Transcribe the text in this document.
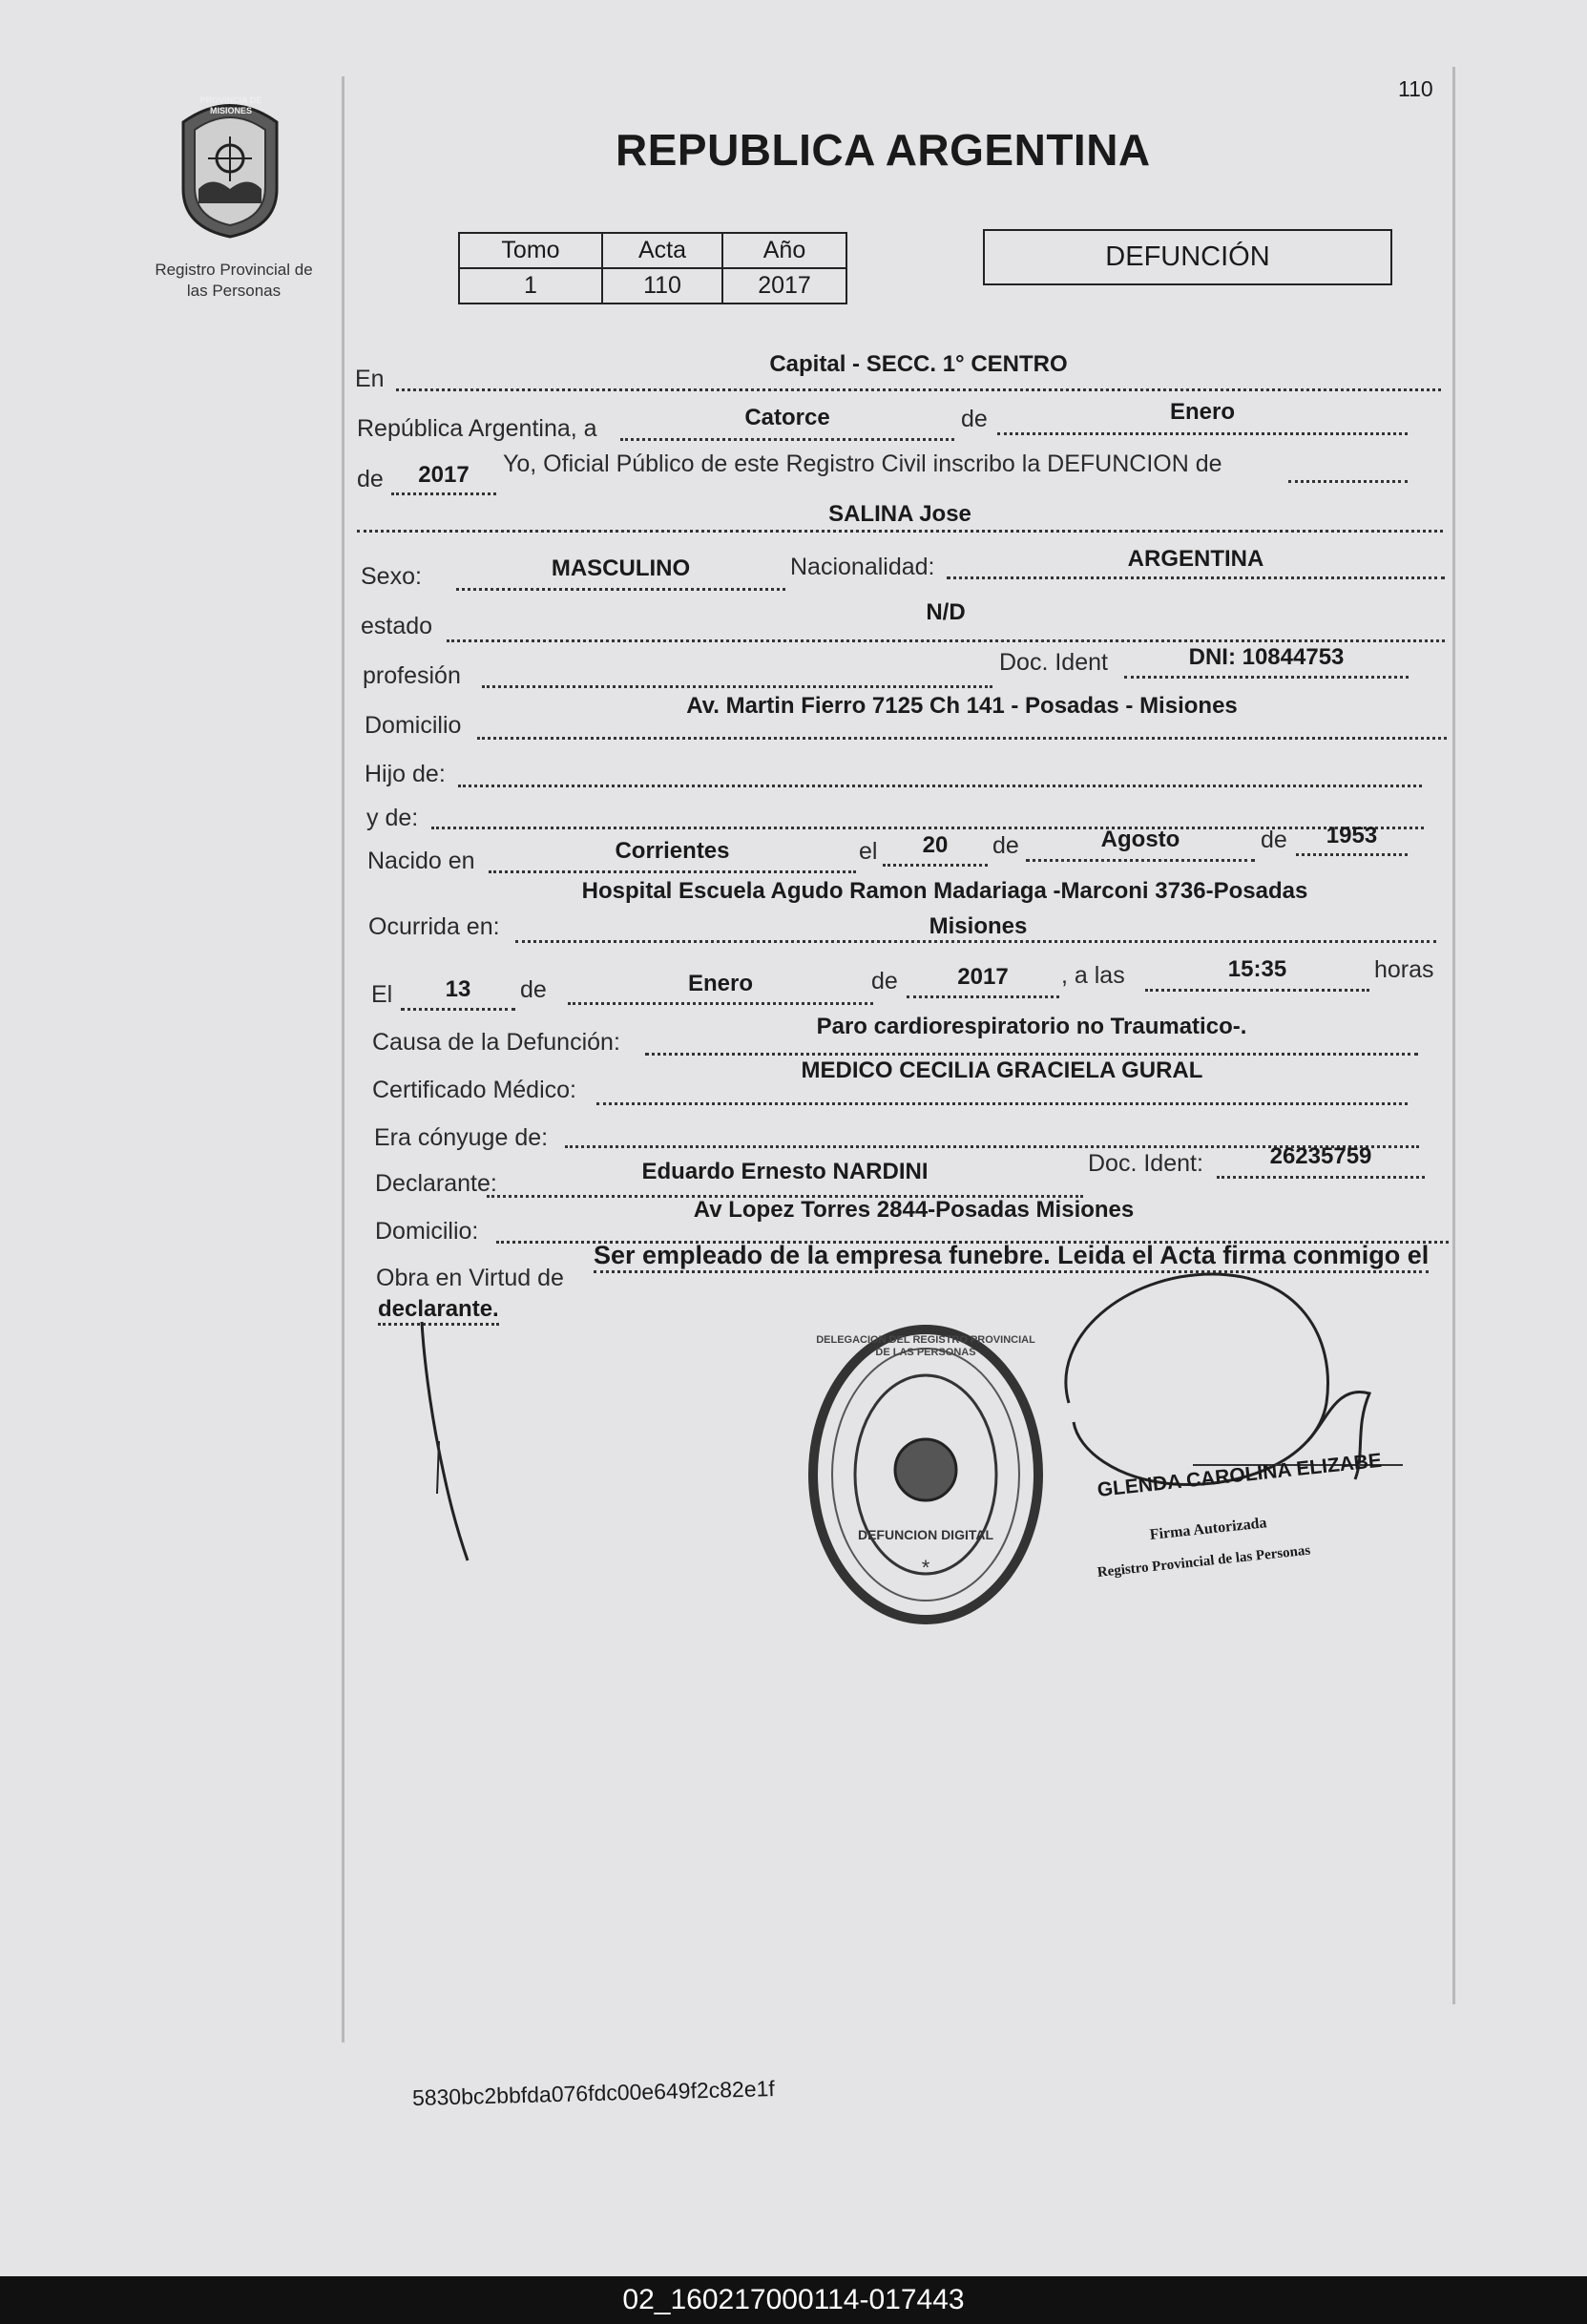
110
PROVINCIA DE MISIONES
Registro Provincial de
las Personas
REPUBLICA ARGENTINA
Tomo	Acta	Año
1	110	2017
DEFUNCIÓN
En
Capital - SECC. 1° CENTRO
República Argentina, a	Catorce	de	Enero
de	2017	Yo, Oficial Público de este Registro Civil inscribo la DEFUNCION de
SALINA Jose
Sexo:	MASCULINO	Nacionalidad:	ARGENTINA
estado
N/D
profesión	Doc. Ident	DNI: 10844753
Domicilio
Av. Martin Fierro 7125 Ch 141 - Posadas - Misiones
Hijo de:
y de:
Nacido en	Corrientes	el	20	de	Agosto	de	1953
Hospital Escuela Agudo Ramon Madariaga -Marconi 3736-Posadas
Ocurrida en:	Misiones
El	13	de	Enero	de	2017	, a las	15:35	horas
Causa de la Defunción:
Paro cardiorespiratorio no Traumatico-.
Certificado Médico:
MEDICO CECILIA GRACIELA GURAL
Era cónyuge de:
Declarante:	Eduardo Ernesto NARDINI	Doc. Ident:	26235759
Domicilio:
Av Lopez Torres 2844-Posadas Misiones
Obra en Virtud de
Ser empleado de la empresa funebre. Leida el Acta firma conmigo el
declarante.
*
DELEGACION DEL REGISTRO PROVINCIAL DE LAS PERSONAS
DEFUNCION DIGITAL
GLENDA CAROLINA ELIZABE
Firma Autorizada
Registro Provincial de las Personas
5830bc2bbfda076fdc00e649f2c82e1f
02_160217000114-017443
